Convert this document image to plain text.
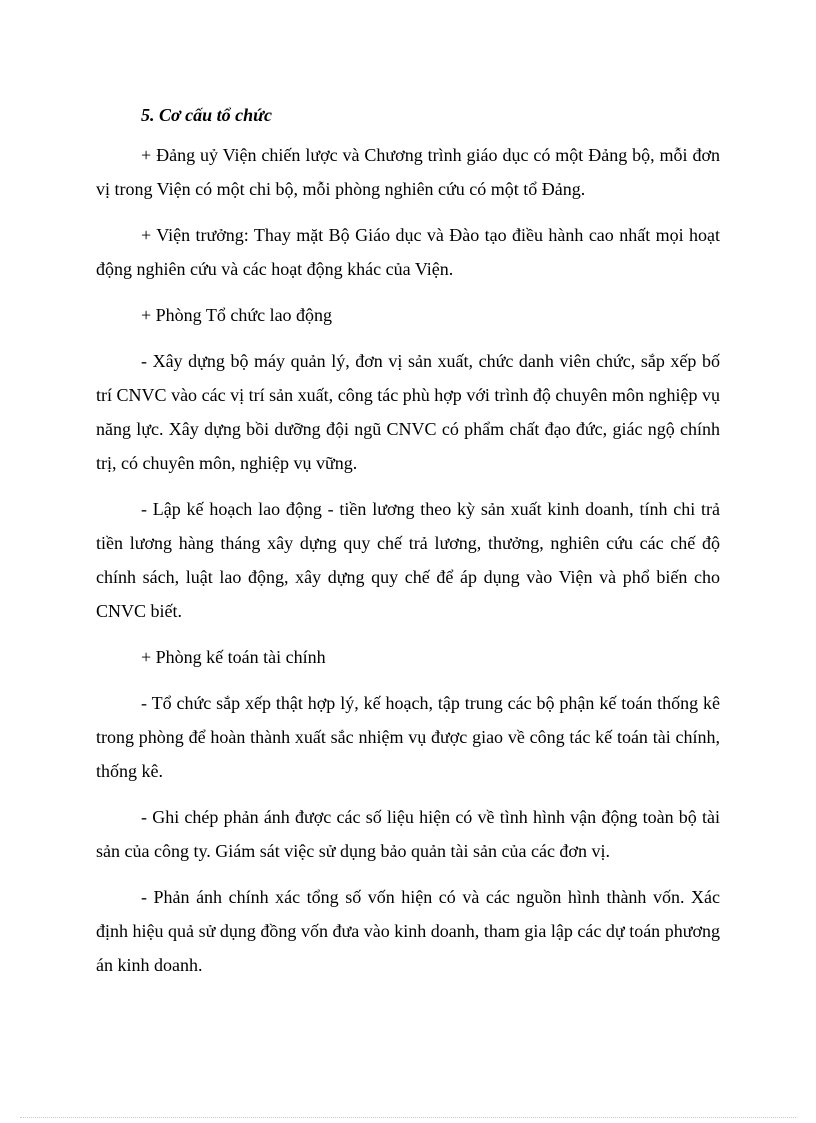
5. Cơ cấu tổ chức

+ Đảng uỷ Viện chiến lược và Chương trình giáo dục có một Đảng bộ, mỗi đơn vị trong Viện có một chi bộ, mỗi phòng nghiên cứu có một tổ Đảng.

+ Viện trưởng: Thay mặt Bộ Giáo dục và Đào tạo điều hành cao nhất mọi hoạt động nghiên cứu và các hoạt động khác của Viện.

+ Phòng Tổ chức lao động

- Xây dựng bộ máy quản lý, đơn vị sản xuất, chức danh viên chức, sắp xếp bố trí CNVC vào các vị trí sản xuất, công tác phù hợp với trình độ chuyên môn nghiệp vụ năng lực. Xây dựng bồi dưỡng đội ngũ CNVC có phẩm chất đạo đức, giác ngộ chính trị, có chuyên môn, nghiệp vụ vững.

- Lập kế hoạch lao động - tiền lương theo kỳ sản xuất kinh doanh, tính chi trả tiền lương hàng tháng xây dựng quy chế trả lương, thưởng, nghiên cứu các chế độ chính sách, luật lao động, xây dựng quy chế để áp dụng vào Viện và phổ biến cho CNVC biết.

+ Phòng kế toán tài chính

- Tổ chức sắp xếp thật hợp lý, kế hoạch, tập trung các bộ phận kế toán thống kê trong phòng để hoàn thành xuất sắc nhiệm vụ được giao về công tác kế toán tài chính, thống kê.

- Ghi chép phản ánh được các số liệu hiện có về tình hình vận động toàn bộ tài sản của công ty. Giám sát việc sử dụng bảo quản tài sản của các đơn vị.

- Phản ánh chính xác tổng số vốn hiện có và các nguồn hình thành vốn. Xác định hiệu quả sử dụng đồng vốn đưa vào kinh doanh, tham gia lập các dự toán phương án kinh doanh.
